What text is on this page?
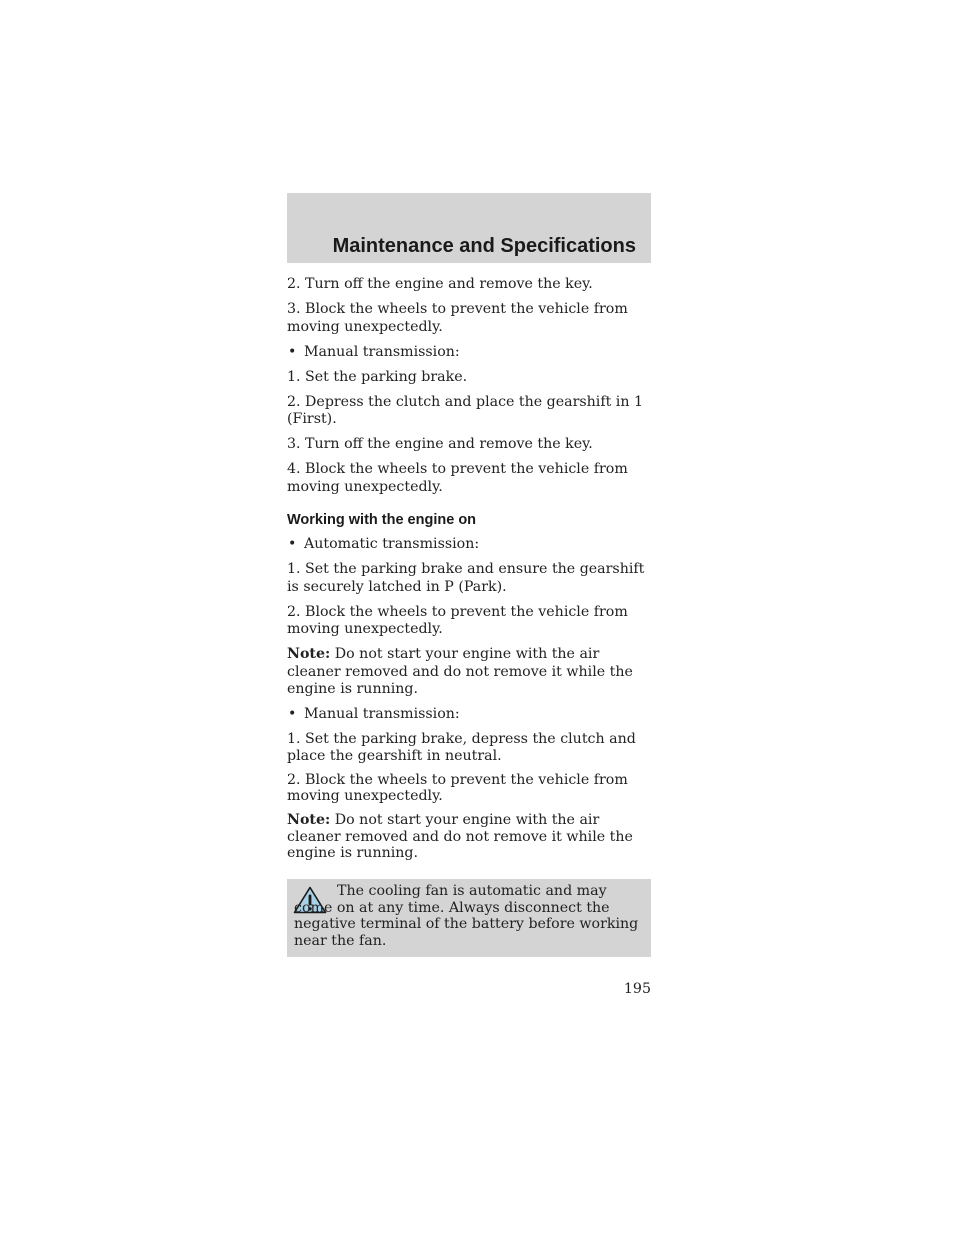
Maintenance and Specifications

2. Turn off the engine and remove the key.

3. Block the wheels to prevent the vehicle from moving unexpectedly.

• Manual transmission:

1. Set the parking brake.

2. Depress the clutch and place the gearshift in 1 (First).

3. Turn off the engine and remove the key.

4. Block the wheels to prevent the vehicle from moving unexpectedly.

Working with the engine on

• Automatic transmission:

1. Set the parking brake and ensure the gearshift is securely latched in P (Park).

2. Block the wheels to prevent the vehicle from moving unexpectedly.

Note: Do not start your engine with the air cleaner removed and do not remove it while the engine is running.

• Manual transmission:

1. Set the parking brake, depress the clutch and place the gearshift in neutral.

2. Block the wheels to prevent the vehicle from moving unexpectedly.

Note: Do not start your engine with the air cleaner removed and do not remove it while the engine is running.

The cooling fan is automatic and may come on at any time. Always disconnect the negative terminal of the battery before working near the fan.
195
